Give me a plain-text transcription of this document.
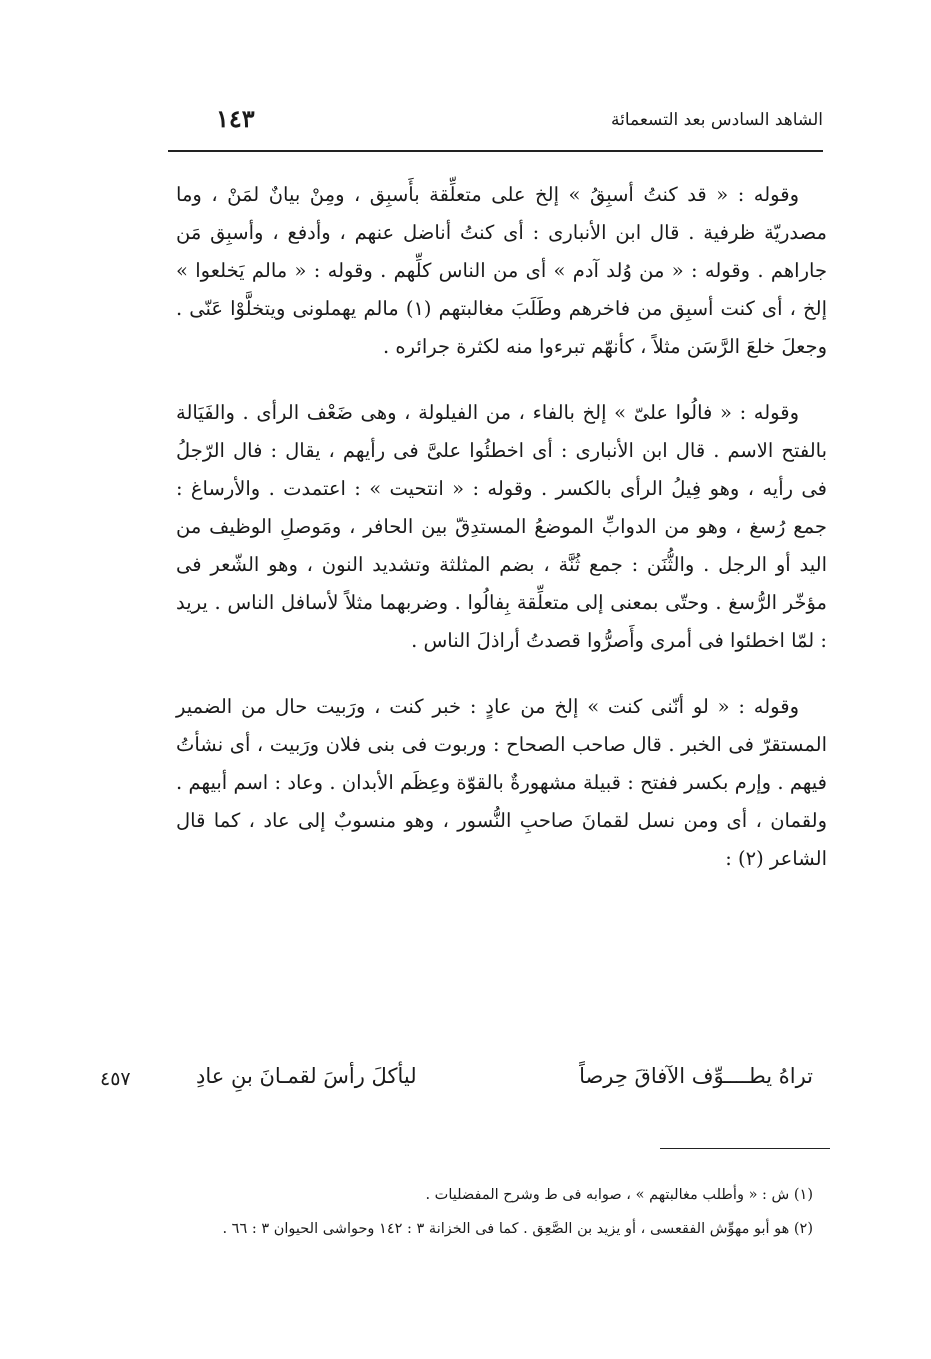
الشاهد السادس بعد التسعمائة
١٤٣

وقوله : « قد كنتُ أسبِقُ » إلخ على متعلِّقة بأَسبِق ، ومِنْ بيانٌ لمَنْ ، وما مصدريّة ظرفية . قال ابن الأنبارى : أى كنتُ أناضل عنهم ، وأدفع ، وأسبِق مَن جاراهم . وقوله : « من وُلد آدم » أى من الناس كلِّهم . وقوله : « مالم يَخلعوا » إلخ ، أى كنت أسبِق من فاخرهم وطَلَبَ مغالبتهم (١) مالم يهملونى ويتخلَّوْا عَنّى . وجعلَ خلعَ الرَّسَن مثلاً ، كأنهّم تبرءوا منه لكثرة جرائره .

وقوله : « فالُوا علىّ » إلخ بالفاء ، من الفيلولة ، وهى ضَعْف الرأى . والفَيَالة بالفتح الاسم . قال ابن الأنبارى : أى اخطئُوا علىَّ فى رأيهم ، يقال : فال الرّجلُ فى رأيه ، وهو فِيلُ الرأى بالكسر . وقوله : « انتحيت » : اعتمدت . والأرساغ : جمع رُسغ ، وهو من الدوابِّ الموضعُ المستدِقّ بين الحافر ، ومَوصلِ الوظيف من اليد أو الرجل . والثُّنَن : جمع ثُنَّة ، بضم المثلثة وتشديد النون ، وهو الشّعر فى مؤخّر الرُّسغ . وحتّى بمعنى إلى متعلِّقة بِفالُوا . وضربهما مثلاً لأسافل الناس . يريد : لمّا اخطئوا فى أمرى وأَصرُّوا قصدتُ أراذلَ الناس .

وقوله : « لو أنّنى كنت » إلخ من عادٍ : خبر كنت ، ورَبيت حال من الضمير المستقرّ فى الخبر . قال صاحب الصحاح : وربوت فى بنى فلان ورَبيت ، أى نشأتُ فيهم . وإرم بكسر ففتح : قبيلة مشهورةٌ بالقوّة وعِظَم الأبدان . وعاد : اسم أبيهم . ولقمان ، أى ومن نسل لقمانَ صاحبِ النُّسور ، وهو منسوبٌ إلى عاد ، كما قال الشاعر (٢) :

تراهُ يطــــوِّف الآفاقَ حِرصاً
ليأكلَ رأسَ لقمـانَ بنِ عادِ
٤٥٧

(١) ش : « وأطلب مغالبتهم » ، صوابه فى ط وشرح المفضليات .

(٢) هو أبو مهوِّش الفقعسى ، أو يزيد بن الصَّعِق . كما فى الخزانة ٣ : ١٤٢ وحواشى الحيوان ٣ : ٦٦ .
